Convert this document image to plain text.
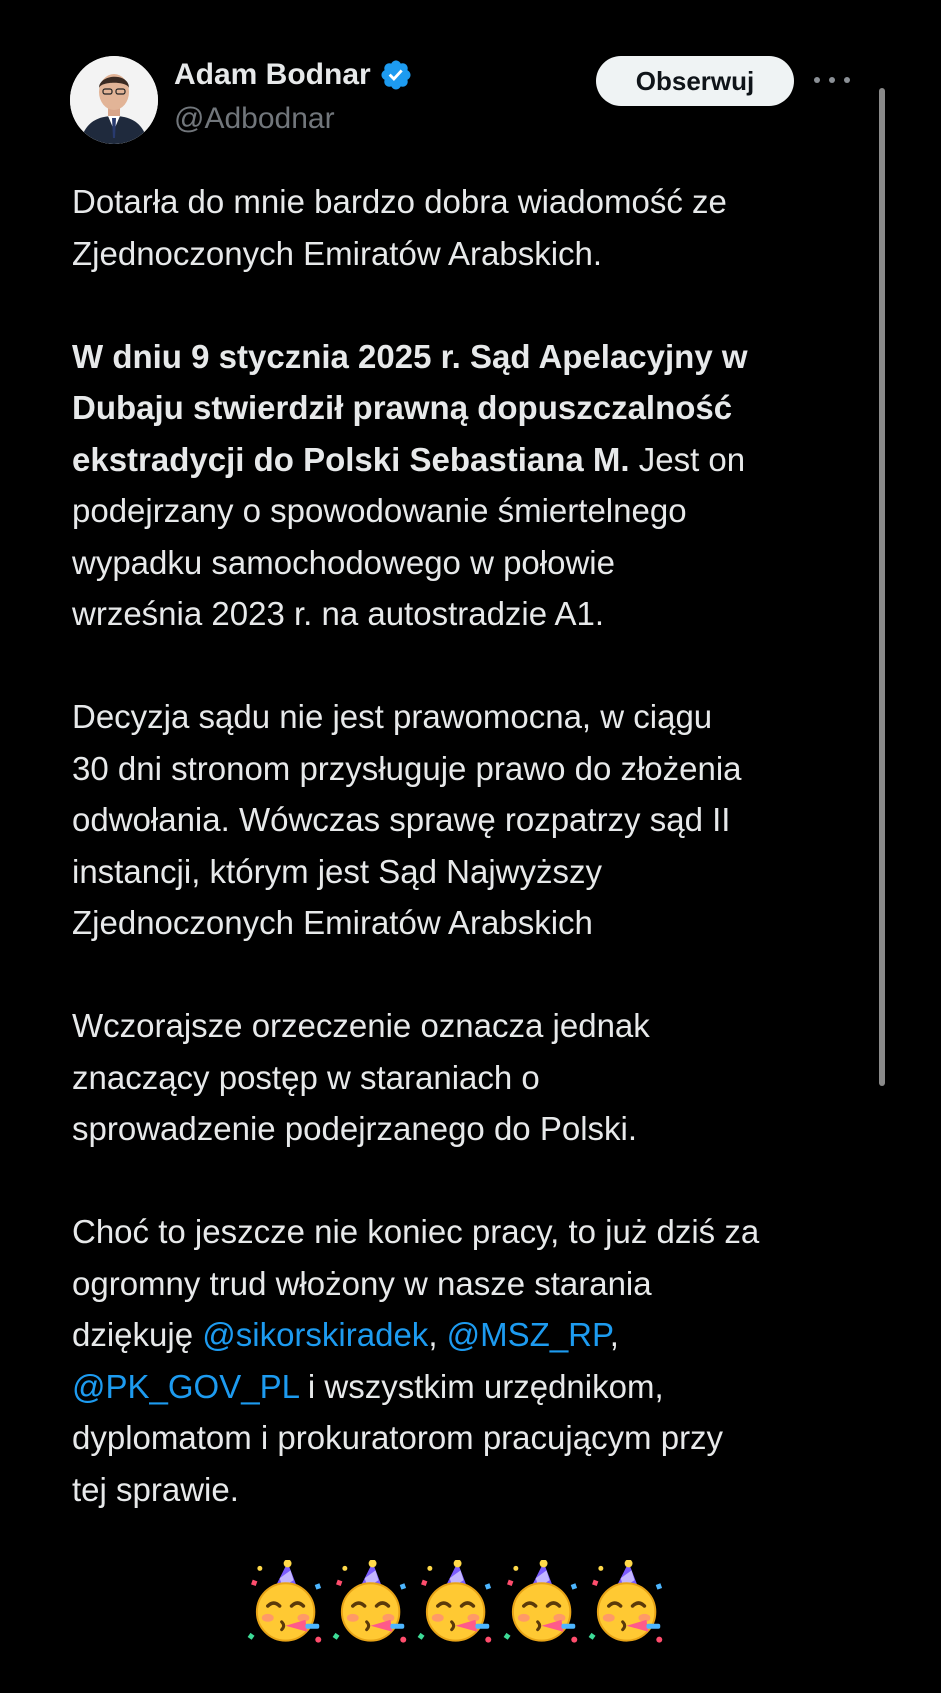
Adam Bodnar
@Adbodnar
Obserwuj
Dotarła do mnie bardzo dobra wiadomość ze
Zjednoczonych Emiratów Arabskich.
W dniu 9 stycznia 2025 r. Sąd Apelacyjny w
Dubaju stwierdził prawną dopuszczalność
ekstradycji do Polski Sebastiana M. Jest on
podejrzany o spowodowanie śmiertelnego
wypadku samochodowego w połowie
września 2023 r. na autostradzie A1.
Decyzja sądu nie jest prawomocna, w ciągu
30 dni stronom przysługuje prawo do złożenia
odwołania. Wówczas sprawę rozpatrzy sąd II
instancji, którym jest Sąd Najwyższy
Zjednoczonych Emiratów Arabskich
Wczorajsze orzeczenie oznacza jednak
znaczący postęp w staraniach o
sprowadzenie podejrzanego do Polski.
Choć to jeszcze nie koniec pracy, to już dziś za
ogromny trud włożony w nasze starania
dziękuję @sikorskiradek, @MSZ_RP,
@PK_GOV_PL i wszystkim urzędnikom,
dyplomatom i prokuratorom pracującym przy
tej sprawie.
